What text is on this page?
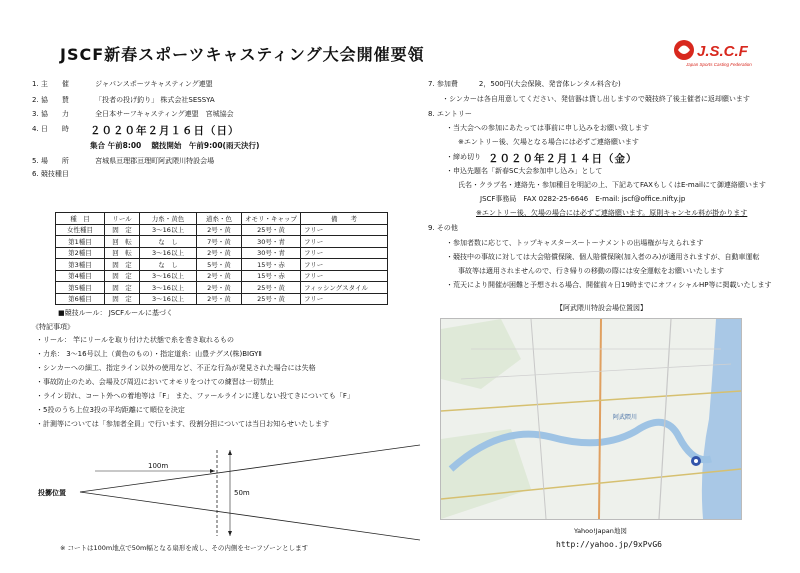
JSCF新春スポーツキャスティング大会開催要領	J.S.C.F
Japan Sports Casting Federation
1. 主　　催	ジャパンスポーツキャスティング連盟
2. 協　　賛	「投者の投げ釣り」 株式会社SESSYA
3. 協　　力	全日本サーフキャスティング連盟　宮城協会
4. 日　　時	２０２０年２月１６日（日）
集合 午前8:00　 競技開始　午前9:00(雨天決行)
5. 場　　所	宮城県亘理郡亘理町阿武隈川特設会場
6. 競技種目
種　目	リール	力糸・黄色	道糸・色	オモリ・キャップ	備　　考
女性種目	固　定	3～16以上	2号・黄	25号・黄	フリー
第1種目	回　転	な　し	7号・黄	30号・青	フリー
第2種目	回　転	3～16以上	2号・黄	30号・青	フリー
第3種目	固　定	な　し	5号・黄	15号・赤	フリー
第4種目	固　定	3～16以上	2号・黄	15号・赤	フリー
第5種目	固　定	3～16以上	2号・黄	25号・黄	フィッシングスタイル
第6種目	固　定	3～16以上	2号・黄	25号・黄	フリー
■競技ルール： JSCFルールに基づく
《特記事項》
・リール： 竿にリールを取り付けた状態で糸を巻き取れるもの
・力糸： 3～16号以上（黄色のもの）・指定道糸：山豊テグス(株)BIGYⅡ
・シンカーへの細工、指定ライン以外の使用など、不正な行為が発見された場合には失格
・事故防止のため、会場及び周辺においてオモリをつけての練習は一切禁止
・ライン切れ、コート外への着地等は「F」 また、ファールラインに達しない投てきについても「F」
・5投のうち上位3投の平均距離にて順位を決定
・計測等については「参加者全員」で行います、役割分担については当日お知らせいたします
100m
50m
投擲位置
※ コートは100m地点で50m幅となる扇形を成し、その内側をセーフゾーンとします
7. 参加費　	2，500円(大会保険、発音体レンタル料含む)
・シンカーは各自用意してください、発信器は貸し出しますので競技終了後主催者に返却願います
8. エントリー
・当大会への参加にあたっては事前に申し込みをお願い致します
※エントリー後、欠場となる場合には必ずご連絡願います
・締め切り ２０２０年２月１４日（金）
・申込先題名「新春SC大会参加申し込み」として
氏名・クラブ名・連絡先・参加種目を明記の上、下記あてFAXもしくはE-mailにて御連絡願います
JSCF事務局　FAX 0282-25-6646　E-mail: jscf@office.nifty.jp
※エントリー後、欠場の場合には必ずご連絡願います。原則キャンセル料が掛かります
9. その他
・参加者数に応じて、トップキャスタースートーナメントの出場権が与えられます
・競技中の事故に対しては大会賠償保険、個人賠償保険(加入者のみ)が適用されますが、自動車運転
事故等は適用されませんので、行き帰りの移動の際には安全運転をお願いいたします
・荒天により開催が困難と予想される場合、開催前々日19時までにオフィシャルHP等に掲載いたします
【阿武隈川特設会場位置図】
阿武隈川
Yahoo!Japan地図
http://yahoo.jp/9xPvG6
